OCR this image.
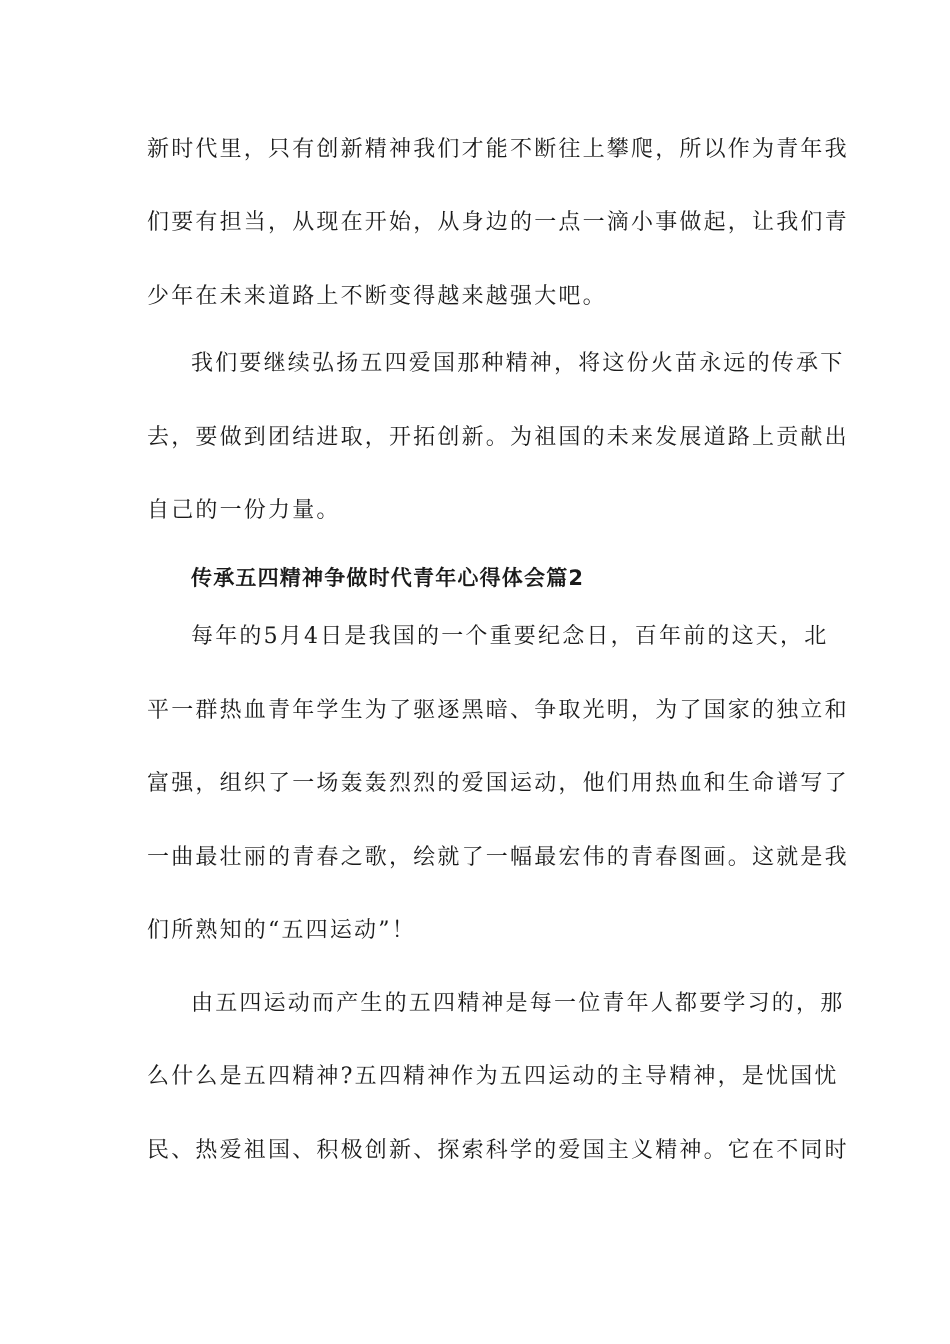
新时代里，只有创新精神我们才能不断往上攀爬，所以作为青年我
们要有担当，从现在开始，从身边的一点一滴小事做起，让我们青
少年在未来道路上不断变得越来越强大吧。
我们要继续弘扬五四爱国那种精神，将这份火苗永远的传承下
去，要做到团结进取，开拓创新。为祖国的未来发展道路上贡献出
自己的一份力量。
传承五四精神争做时代青年心得体会篇2
每年的5月4日是我国的一个重要纪念日，百年前的这天，北
平一群热血青年学生为了驱逐黑暗、争取光明，为了国家的独立和
富强，组织了一场轰轰烈烈的爱国运动，他们用热血和生命谱写了
一曲最壮丽的青春之歌，绘就了一幅最宏伟的青春图画。这就是我
们所熟知的“五四运动”！
由五四运动而产生的五四精神是每一位青年人都要学习的，那
么什么是五四精神?五四精神作为五四运动的主导精神，是忧国忧
民、热爱祖国、积极创新、探索科学的爱国主义精神。它在不同时
